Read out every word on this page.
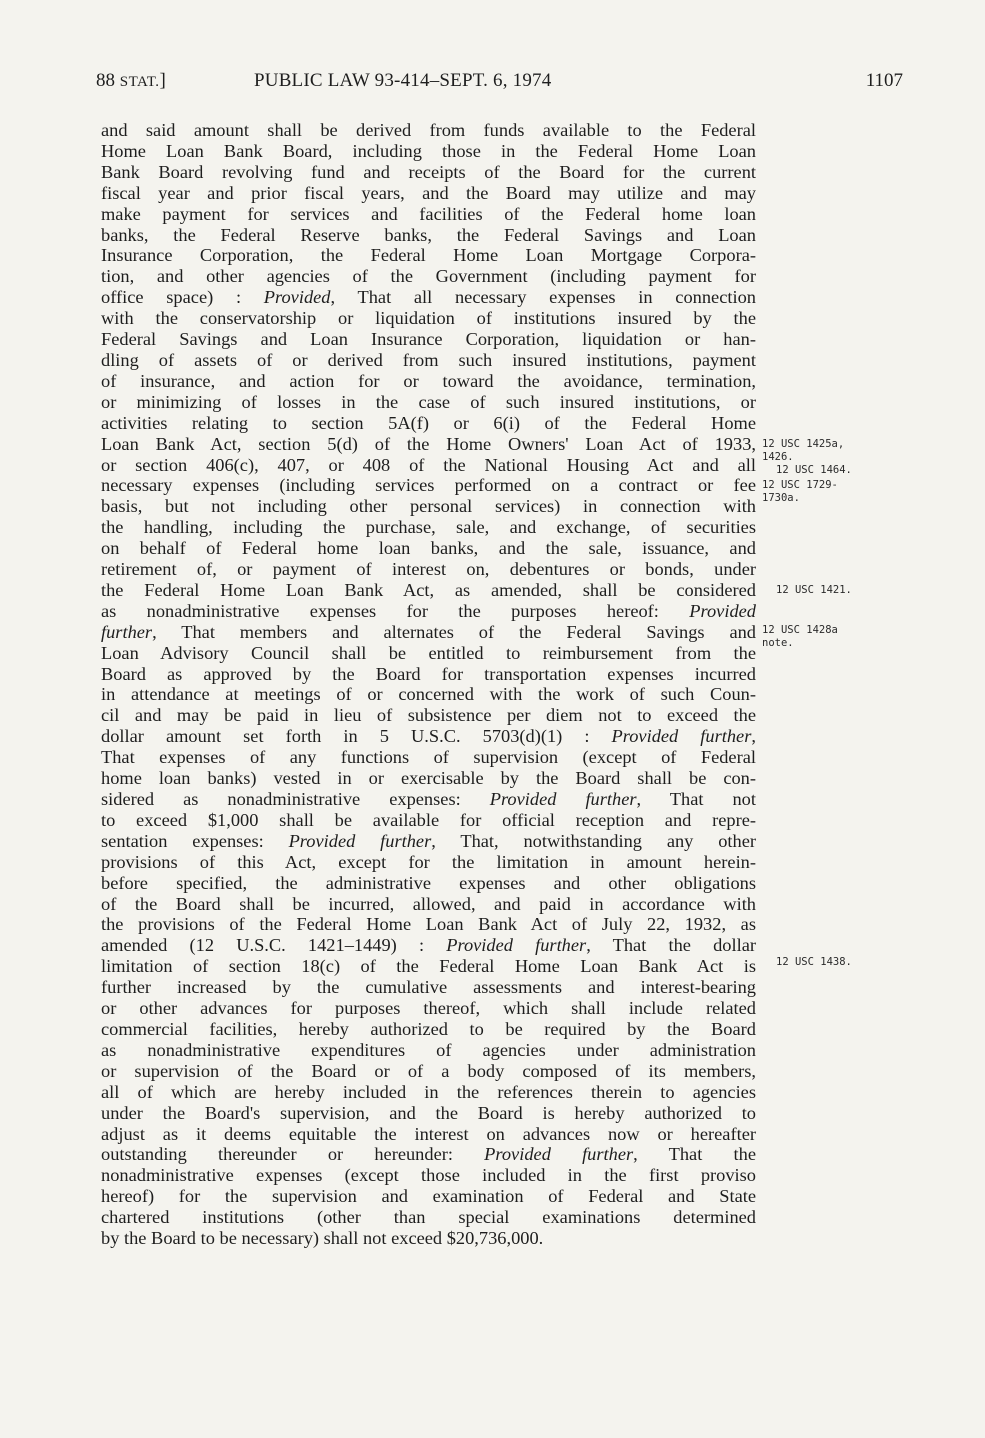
88 STAT.]	PUBLIC LAW 93-414–SEPT. 6, 1974	1107
and said amount shall be derived from funds available to the Federal
Home Loan Bank Board, including those in the Federal Home Loan
Bank Board revolving fund and receipts of the Board for the current
fiscal year and prior fiscal years, and the Board may utilize and may
make payment for services and facilities of the Federal home loan
banks, the Federal Reserve banks, the Federal Savings and Loan
Insurance Corporation, the Federal Home Loan Mortgage Corpora-
tion, and other agencies of the Government (including payment for
office space) : Provided, That all necessary expenses in connection
with the conservatorship or liquidation of institutions insured by the
Federal Savings and Loan Insurance Corporation, liquidation or han-
dling of assets of or derived from such insured institutions, payment
of insurance, and action for or toward the avoidance, termination,
or minimizing of losses in the case of such insured institutions, or
activities relating to section 5A(f) or 6(i) of the Federal Home
Loan Bank Act, section 5(d) of the Home Owners' Loan Act of 1933,
or section 406(c), 407, or 408 of the National Housing Act and all
necessary expenses (including services performed on a contract or fee
basis, but not including other personal services) in connection with
the handling, including the purchase, sale, and exchange, of securities
on behalf of Federal home loan banks, and the sale, issuance, and
retirement of, or payment of interest on, debentures or bonds, under
the Federal Home Loan Bank Act, as amended, shall be considered
as nonadministrative expenses for the purposes hereof: Provided
further, That members and alternates of the Federal Savings and
Loan Advisory Council shall be entitled to reimbursement from the
Board as approved by the Board for transportation expenses incurred
in attendance at meetings of or concerned with the work of such Coun-
cil and may be paid in lieu of subsistence per diem not to exceed the
dollar amount set forth in 5 U.S.C. 5703(d)(1) : Provided further,
That expenses of any functions of supervision (except of Federal
home loan banks) vested in or exercisable by the Board shall be con-
sidered as nonadministrative expenses: Provided further, That not
to exceed $1,000 shall be available for official reception and repre-
sentation expenses: Provided further, That, notwithstanding any other
provisions of this Act, except for the limitation in amount herein-
before specified, the administrative expenses and other obligations
of the Board shall be incurred, allowed, and paid in accordance with
the provisions of the Federal Home Loan Bank Act of July 22, 1932, as
amended (12 U.S.C. 1421–1449) : Provided further, That the dollar
limitation of section 18(c) of the Federal Home Loan Bank Act is
further increased by the cumulative assessments and interest-bearing
or other advances for purposes thereof, which shall include related
commercial facilities, hereby authorized to be required by the Board
as nonadministrative expenditures of agencies under administration
or supervision of the Board or of a body composed of its members,
all of which are hereby included in the references therein to agencies
under the Board's supervision, and the Board is hereby authorized to
adjust as it deems equitable the interest on advances now or hereafter
outstanding thereunder or hereunder: Provided further, That the
nonadministrative expenses (except those included in the first proviso
hereof) for the supervision and examination of Federal and State
chartered institutions (other than special examinations determined
by the Board to be necessary) shall not exceed $20,736,000.
12 USC 1425a,
1426.
12 USC 1464.
12 USC 1729-
1730a.
12 USC 1421.
12 USC 1428a
note.
12 USC 1438.
